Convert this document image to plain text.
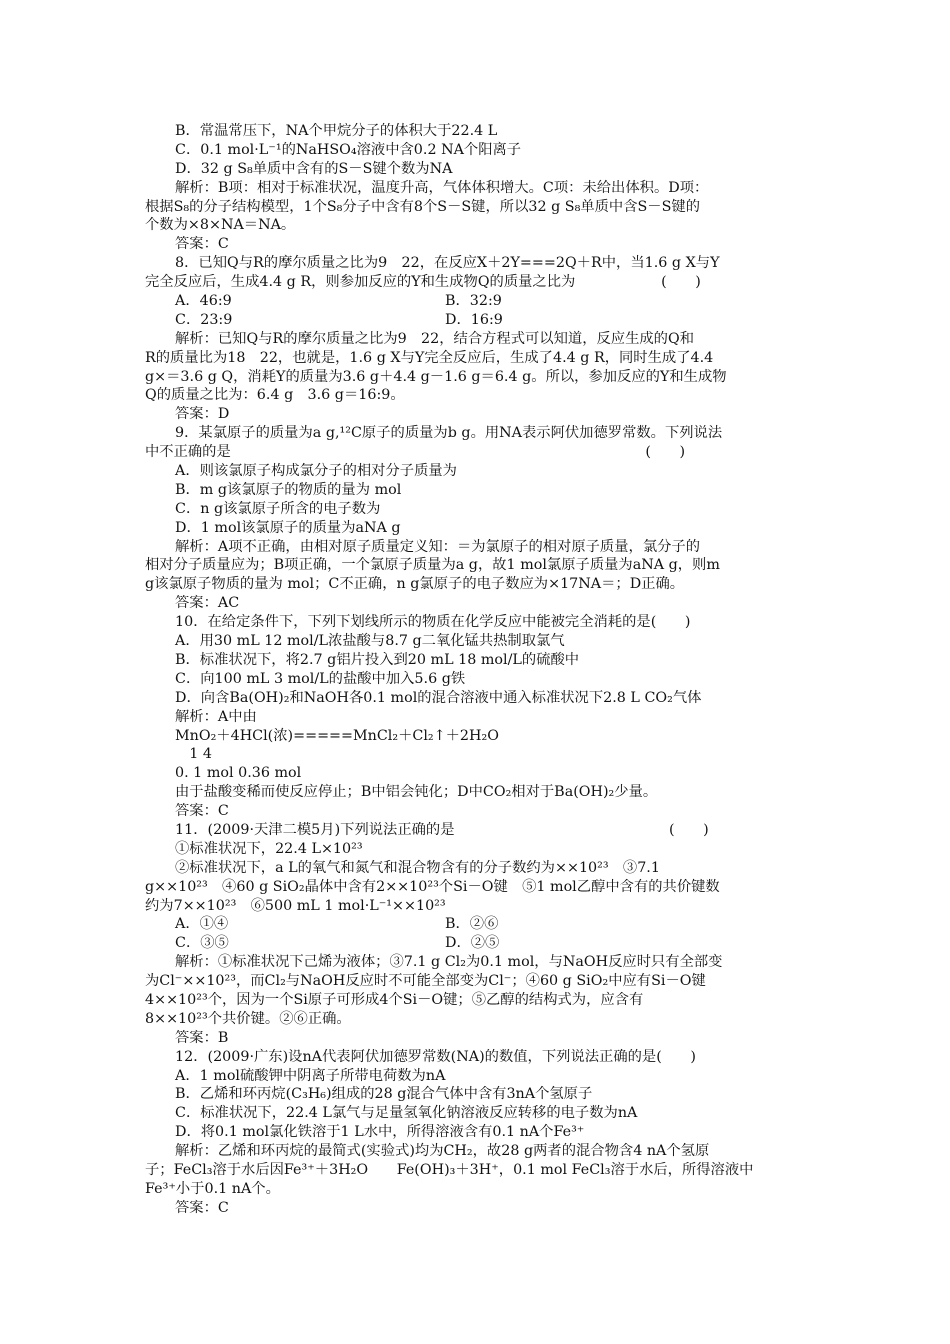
B．常温常压下，NA个甲烷分子的体积大于22.4 L
C．0.1 mol·L⁻¹的NaHSO₄溶液中含0.2 NA个阳离子
D．32 g S₈单质中含有的S－S键个数为NA
解析：B项：相对于标准状况，温度升高，气体体积增大。C项：未给出体积。D项：
根据S₈的分子结构模型，1个S₈分子中含有8个S－S键，所以32 g S₈单质中含S－S键的
个数为×8×NA＝NA。
答案：C
8．已知Q与R的摩尔质量之比为9　22，在反应X＋2Y===2Q＋R中，当1.6 g X与Y
完全反应后，生成4.4 g R，则参加反应的Y和生成物Q的质量之比为　　　　　　(　　)
A．46:9	B．32:9
C．23:9	D．16:9
解析：已知Q与R的摩尔质量之比为9　22，结合方程式可以知道，反应生成的Q和
R的质量比为18　22，也就是，1.6 g X与Y完全反应后，生成了4.4 g R，同时生成了4.4
g×＝3.6 g Q，消耗Y的质量为3.6 g＋4.4 g－1.6 g＝6.4 g。所以，参加反应的Y和生成物
Q的质量之比为：6.4 g　3.6 g＝16:9。
答案：D
9．某氯原子的质量为a g,¹²C原子的质量为b g。用NA表示阿伏加德罗常数。下列说法
中不正确的是　　　　　　　　　　　　　　　　　　　　　　　　　　　　　(　　)
A．则该氯原子构成氯分子的相对分子质量为
B．m g该氯原子的物质的量为 mol
C．n g该氯原子所含的电子数为
D．1 mol该氯原子的质量为aNA g
解析：A项不正确，由相对原子质量定义知：＝为氯原子的相对原子质量，氯分子的
相对分子质量应为；B项正确，一个氯原子质量为a g，故1 mol氯原子质量为aNA g，则m
g该氯原子物质的量为 mol；C不正确，n g氯原子的电子数应为×17NA＝；D正确。
答案：AC
10．在给定条件下，下列下划线所示的物质在化学反应中能被完全消耗的是(　　)
A．用30 mL 12 mol/L浓盐酸与8.7 g二氧化锰共热制取氯气
B．标准状况下，将2.7 g铝片投入到20 mL 18 mol/L的硫酸中
C．向100 mL 3 mol/L的盐酸中加入5.6 g铁
D．向含Ba(OH)₂和NaOH各0.1 mol的混合溶液中通入标准状况下2.8 L CO₂气体
解析：A中由
MnO₂＋4HCl(浓)=====MnCl₂＋Cl₂↑＋2H₂O
　1 4
0. 1 mol 0.36 mol
由于盐酸变稀而使反应停止；B中铝会钝化；D中CO₂相对于Ba(OH)₂少量。
答案：C
11．(2009·天津二模5月)下列说法正确的是　　　　　　　　　　　　　　　(　　)
①标准状况下，22.4 L×10²³
②标准状况下，a L的氧气和氮气和混合物含有的分子数约为××10²³　③7.1
g××10²³　④60 g SiO₂晶体中含有2××10²³个Si－O键　⑤1 mol乙醇中含有的共价键数
约为7××10²³　⑥500 mL 1 mol·L⁻¹××10²³
A．①④	B．②⑥
C．③⑤	D．②⑤
解析：①标准状况下己烯为液体；③7.1 g Cl₂为0.1 mol，与NaOH反应时只有全部变
为Cl⁻××10²³，而Cl₂与NaOH反应时不可能全部变为Cl⁻；④60 g SiO₂中应有Si－O键
4××10²³个，因为一个Si原子可形成4个Si－O键；⑤乙醇的结构式为，应含有
8××10²³个共价键。②⑥正确。
答案：B
12．(2009·广东)设nA代表阿伏加德罗常数(NA)的数值，下列说法正确的是(　　)
A．1 mol硫酸钾中阴离子所带电荷数为nA
B．乙烯和环丙烷(C₃H₆)组成的28 g混合气体中含有3nA个氢原子
C．标准状况下，22.4 L氯气与足量氢氧化钠溶液反应转移的电子数为nA
D．将0.1 mol氯化铁溶于1 L水中，所得溶液含有0.1 nA个Fe³⁺
解析：乙烯和环丙烷的最简式(实验式)均为CH₂，故28 g两者的混合物含4 nA个氢原
子；FeCl₃溶于水后因Fe³⁺＋3H₂O　　Fe(OH)₃＋3H⁺，0.1 mol FeCl₃溶于水后，所得溶液中
Fe³⁺小于0.1 nA个。
答案：C
